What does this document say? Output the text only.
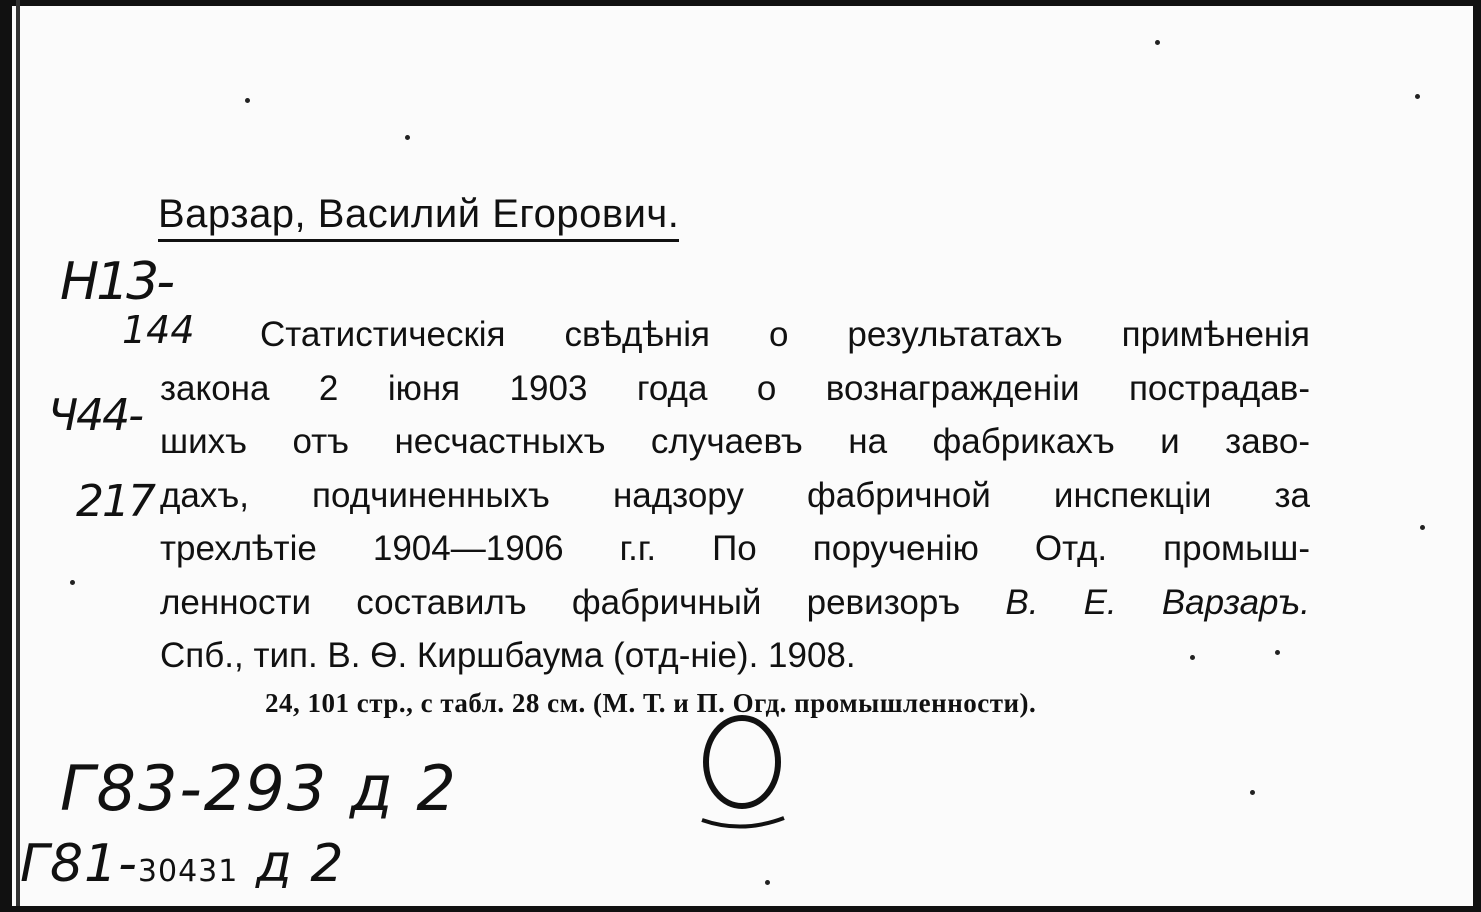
Варзар, Василий Егорович.
Н13-
144
Ч44-
217
Статистическія свѣдѣнія о результатахъ примѣненія
закона 2 іюня 1903 года о вознагражденіи пострадав-
шихъ отъ несчастныхъ случаевъ на фабрикахъ и заво-
дахъ, подчиненныхъ надзору фабричной инспекціи за
трехлѣтіе 1904—1906 г.г. По порученію Отд. промыш-
ленности составилъ фабричный ревизоръ В. Е. Варзаръ.
Спб., тип. В. Ѳ. Киршбаума (отд-ніе). 1908.
24, 101 стр., с табл. 28 см. (М. Т. и П. Огд. промышленности).
Г83-293 д 2
Г81-30431 д 2
